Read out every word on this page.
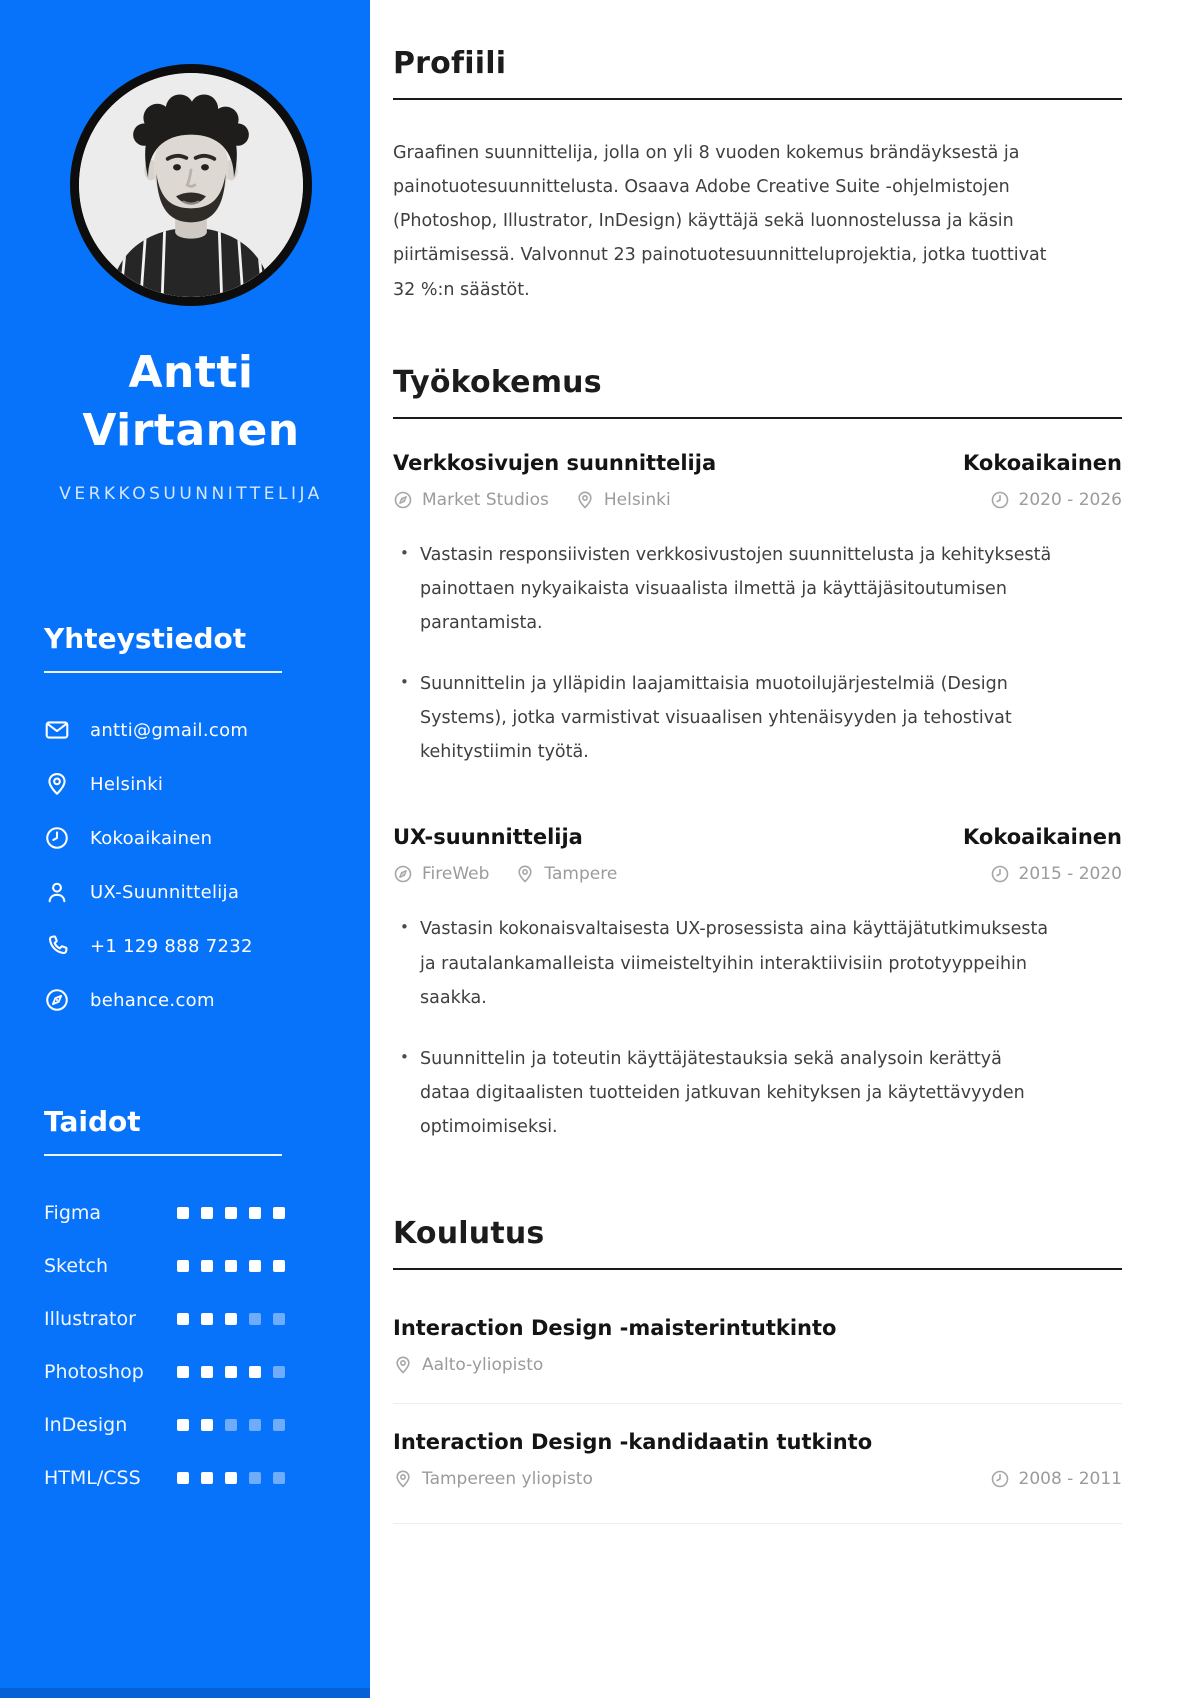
Antti Virtanen
VERKKOSUUNNITTELIJA
Yhteystiedot
antti@gmail.com
Helsinki
Kokoaikainen
UX-Suunnittelija
+1 129 888 7232
behance.com
Taidot
Figma
Sketch
Illustrator
Photoshop
InDesign
HTML/CSS
Profiili

Graafinen suunnittelija, jolla on yli 8 vuoden kokemus brändäyksestä ja painotuotesuunnittelusta. Osaava Adobe Creative Suite -ohjelmistojen (Photoshop, Illustrator, InDesign) käyttäjä sekä luonnostelussa ja käsin piirtämisessä. Valvonnut 23 painotuotesuunnitteluprojektia, jotka tuottivat 32 %:n säästöt.

Työkokemus
Verkkosivujen suunnittelija	Kokoaikainen
Market Studios	Helsinki	2020 - 2026
• Vastasin responsiivisten verkkosivustojen suunnittelusta ja kehityksestä painottaen nykyaikaista visuaalista ilmettä ja käyttäjäsitoutumisen parantamista.
• Suunnittelin ja ylläpidin laajamittaisia muotoilujärjestelmiä (Design Systems), jotka varmistivat visuaalisen yhtenäisyyden ja tehostivat kehitystiimin työtä.
UX-suunnittelija	Kokoaikainen
FireWeb	Tampere	2015 - 2020
• Vastasin kokonaisvaltaisesta UX-prosessista aina käyttäjätutkimuksesta ja rautalankamalleista viimeisteltyihin interaktiivisiin prototyyppeihin saakka.
• Suunnittelin ja toteutin käyttäjätestauksia sekä analysoin kerättyä dataa digitaalisten tuotteiden jatkuvan kehityksen ja käytettävyyden optimoimiseksi.
Koulutus
Interaction Design -maisterintutkinto
Aalto-yliopisto
Interaction Design -kandidaatin tutkinto
Tampereen yliopisto	2008 - 2011
